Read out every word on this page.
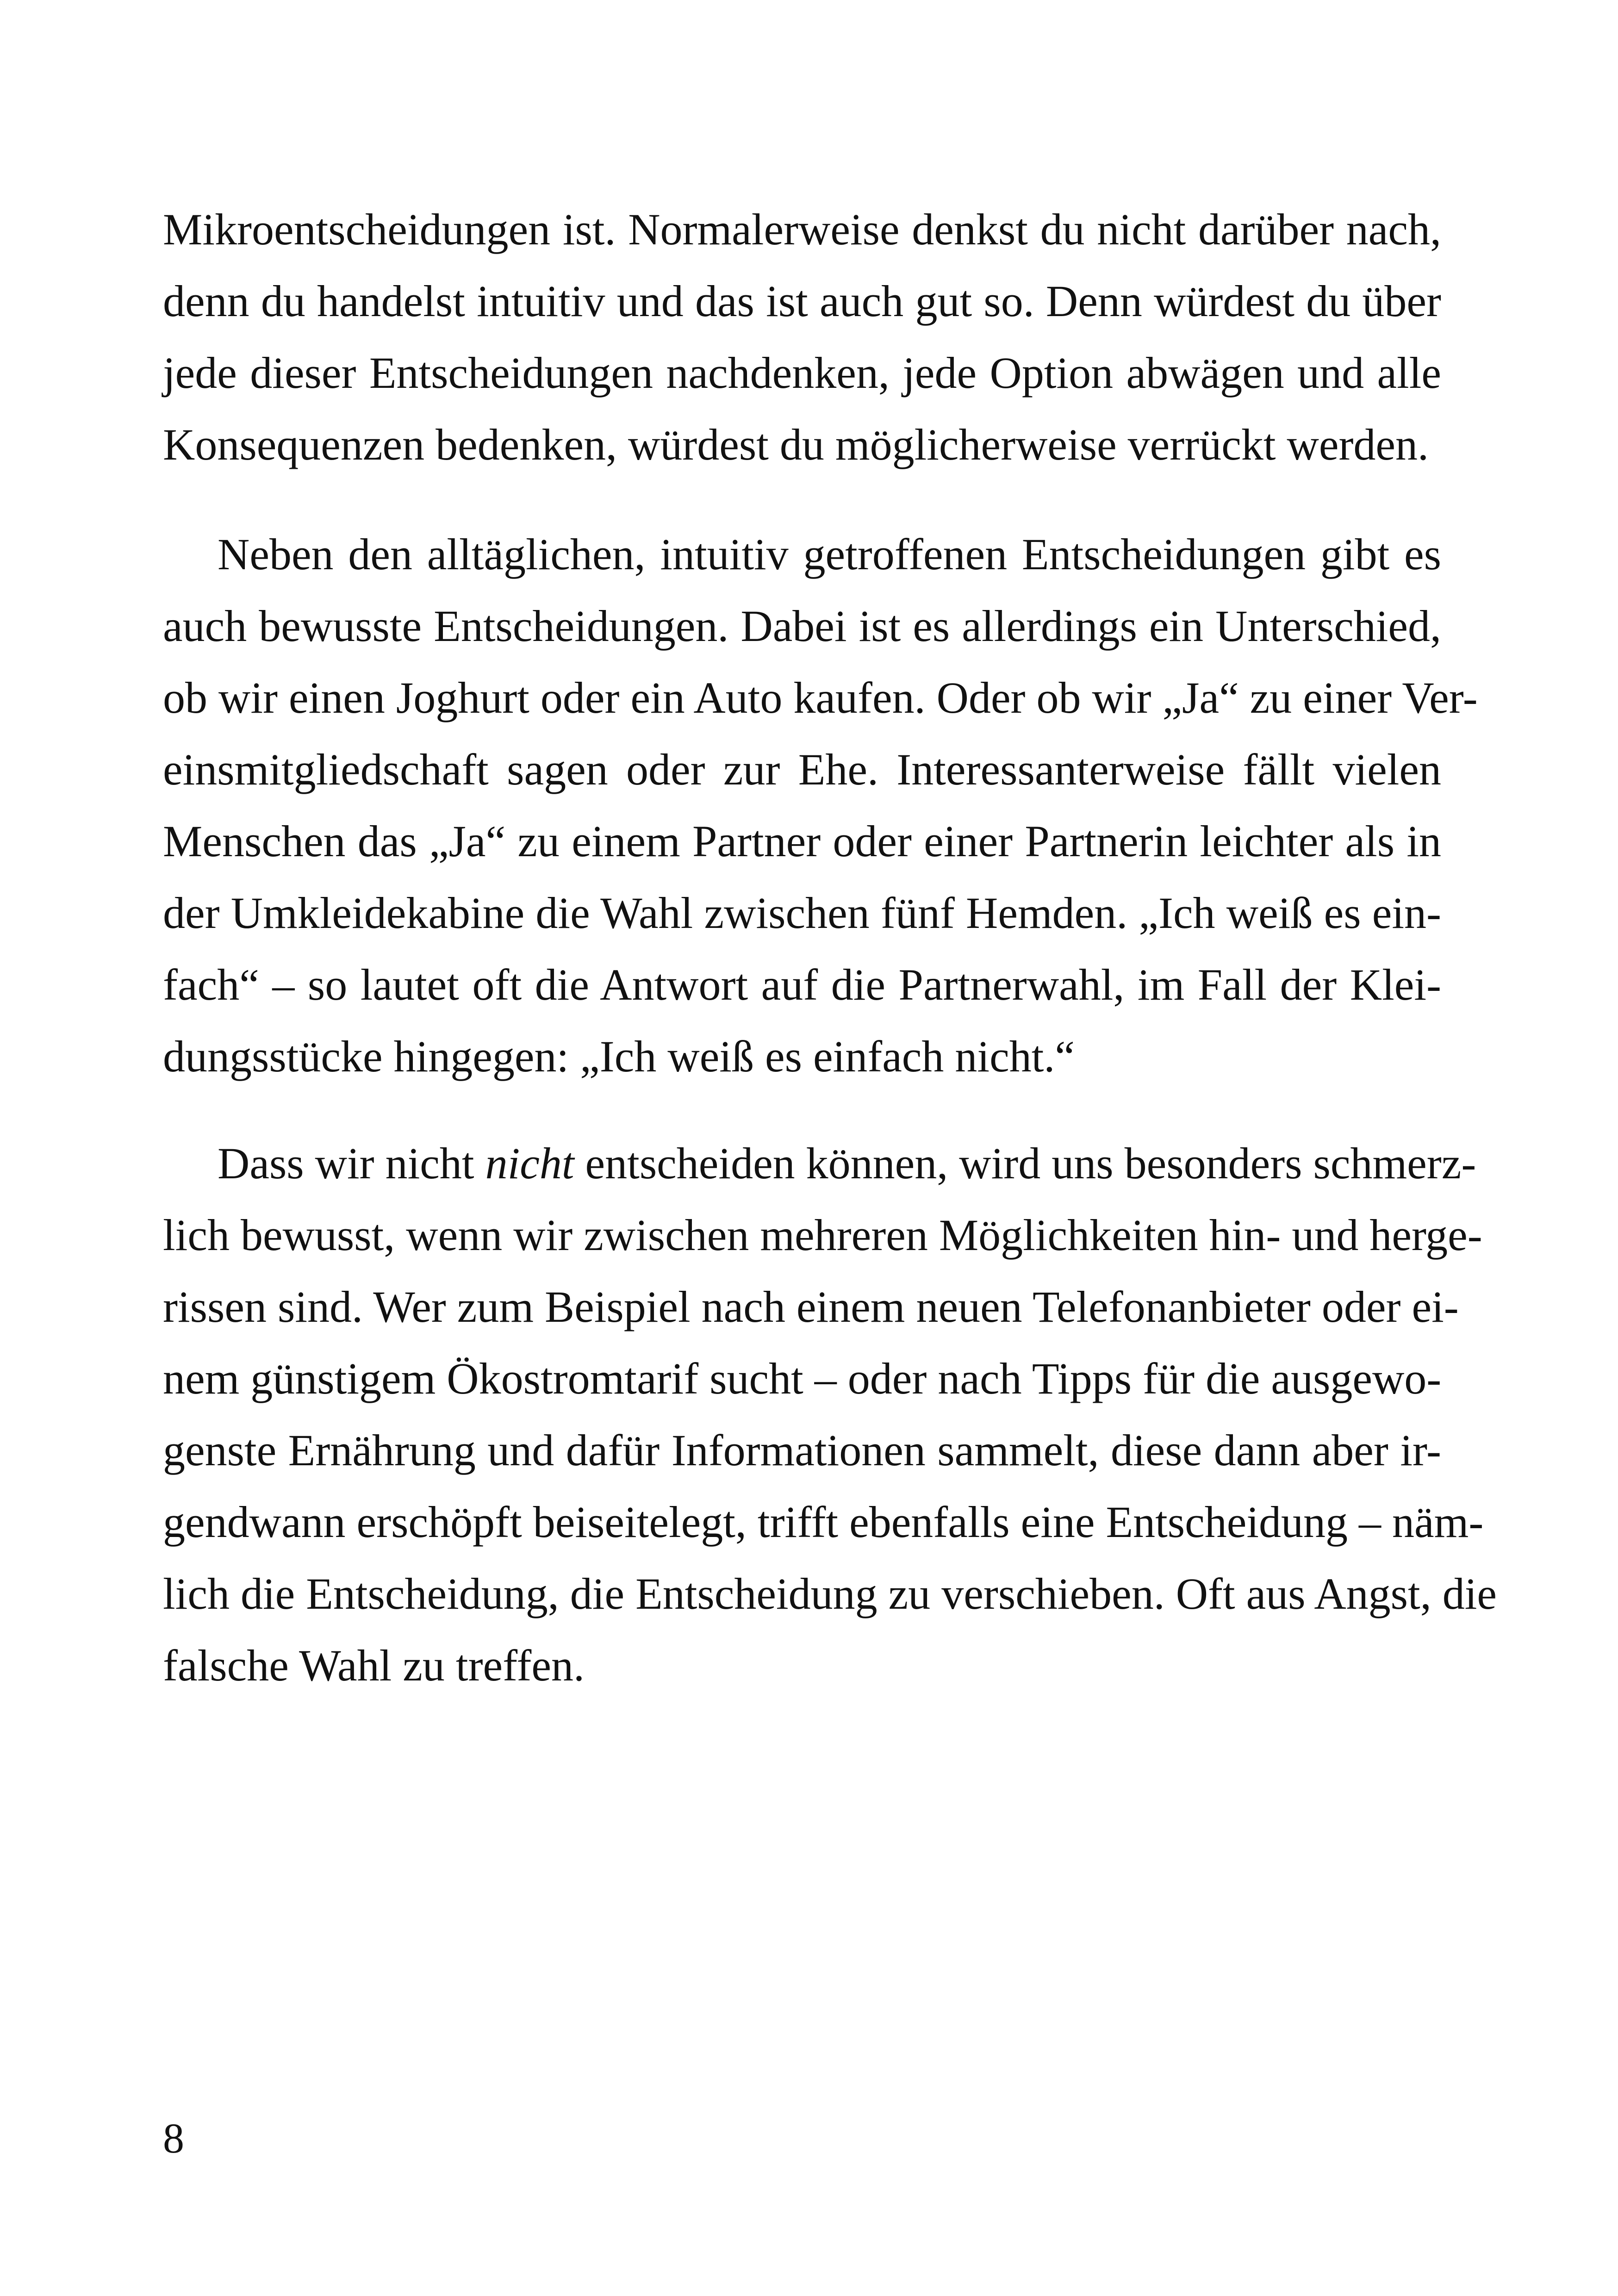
Mikroentscheidungen ist. Normalerweise denkst du nicht darüber nach,
denn du handelst intuitiv und das ist auch gut so. Denn würdest du über
jede dieser Entscheidungen nachdenken, jede Option abwägen und alle
Konsequenzen bedenken, würdest du möglicherweise verrückt werden.
Neben den alltäglichen, intuitiv getroffenen Entscheidungen gibt es
auch bewusste Entscheidungen. Dabei ist es allerdings ein Unterschied,
ob wir einen Joghurt oder ein Auto kaufen. Oder ob wir „Ja“ zu einer Ver-
einsmitgliedschaft sagen oder zur Ehe. Interessanterweise fällt vielen
Menschen das „Ja“ zu einem Partner oder einer Partnerin leichter als in
der Umkleidekabine die Wahl zwischen fünf Hemden. „Ich weiß es ein-
fach“ – so lautet oft die Antwort auf die Partnerwahl, im Fall der Klei-
dungsstücke hingegen: „Ich weiß es einfach nicht.“
Dass wir nicht nicht entscheiden können, wird uns besonders schmerz-
lich bewusst, wenn wir zwischen mehreren Möglichkeiten hin- und herge-
rissen sind. Wer zum Beispiel nach einem neuen Telefonanbieter oder ei-
nem günstigem Ökostromtarif sucht – oder nach Tipps für die ausgewo-
genste Ernährung und dafür Informationen sammelt, diese dann aber ir-
gendwann erschöpft beiseitelegt, trifft ebenfalls eine Entscheidung – näm-
lich die Entscheidung, die Entscheidung zu verschieben. Oft aus Angst, die
falsche Wahl zu treffen.
8
